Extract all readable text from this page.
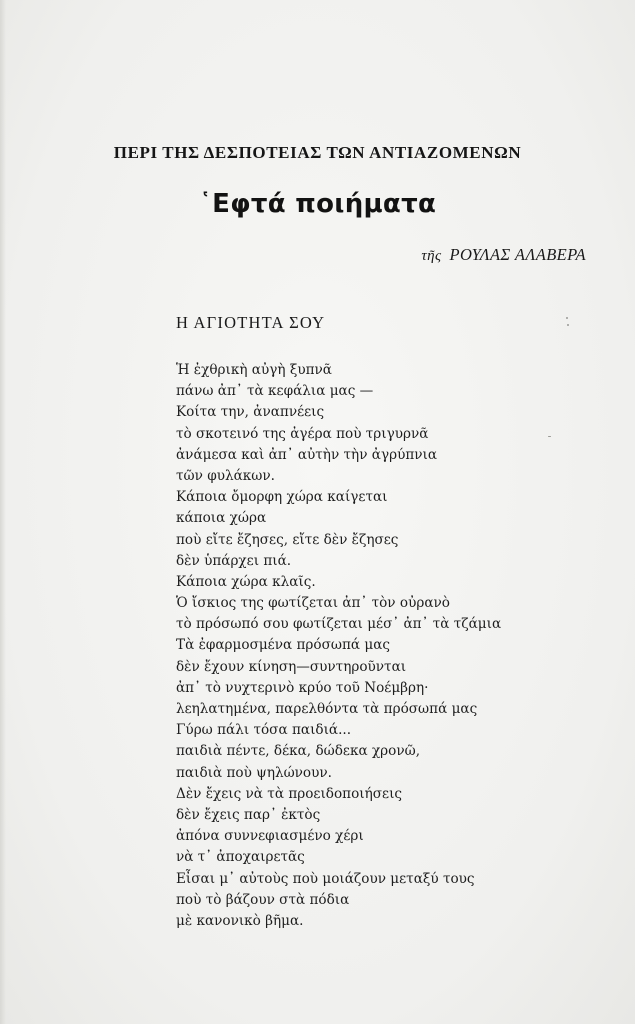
ΠΕΡΙ ΤΗΣ ΔΕΣΠΟΤΕΙΑΣ ΤΩΝ ΑΝΤΙΑΖΟΜΕΝΩΝ
῾Εφτά ποιήματα
τῆς ΡΟΥΛΑΣ ΑΛΑΒΕΡΑ
Η ΑΓΙΟΤΗΤΑ ΣΟΥ
Ἡ ἐχθρικὴ αὐγὴ ξυπνᾶ
πάνω ἀπ᾿ τὰ κεφάλια μας —
Κοίτα την, ἀναπνέεις
τὸ σκοτεινό της ἀγέρα ποὺ τριγυρνᾶ
ἀνάμεσα καὶ ἀπ᾿ αὐτὴν τὴν ἀγρύπνια
τῶν φυλάκων.
Κάποια ὄμορφη χώρα καίγεται
κάποια χώρα
ποὺ εἴτε ἔζησες, εἴτε δὲν ἔζησες
δὲν ὑπάρχει πιά.
Κάποια χώρα κλαῖς.
Ὁ ἴσκιος της φωτίζεται ἀπ᾿ τὸν οὐρανὸ
τὸ πρόσωπό σου φωτίζεται μέσ᾿ ἀπ᾿ τὰ τζάμια
Τὰ ἐφαρμοσμένα πρόσωπά μας
δὲν ἔχουν κίνηση—συντηροῦνται
ἀπ᾿ τὸ νυχτερινὸ κρύο τοῦ Νοέμβρη·
λεηλατημένα, παρελθόντα τὰ πρόσωπά μας
Γύρω πάλι τόσα παιδιά...
παιδιὰ πέντε, δέκα, δώδεκα χρονῶ,
παιδιὰ ποὺ ψηλώνουν.
Δὲν ἔχεις νὰ τὰ προειδοποιήσεις
δὲν ἔχεις παρ᾿ ἐκτὸς
ἀπόνα συννεφιασμένο χέρι
νὰ τ᾿ ἀποχαιρετᾶς
Εἶσαι μ᾿ αὐτοὺς ποὺ μοιάζουν μεταξύ τους
ποὺ τὸ βάζουν στὰ πόδια
μὲ κανονικὸ βῆμα.
